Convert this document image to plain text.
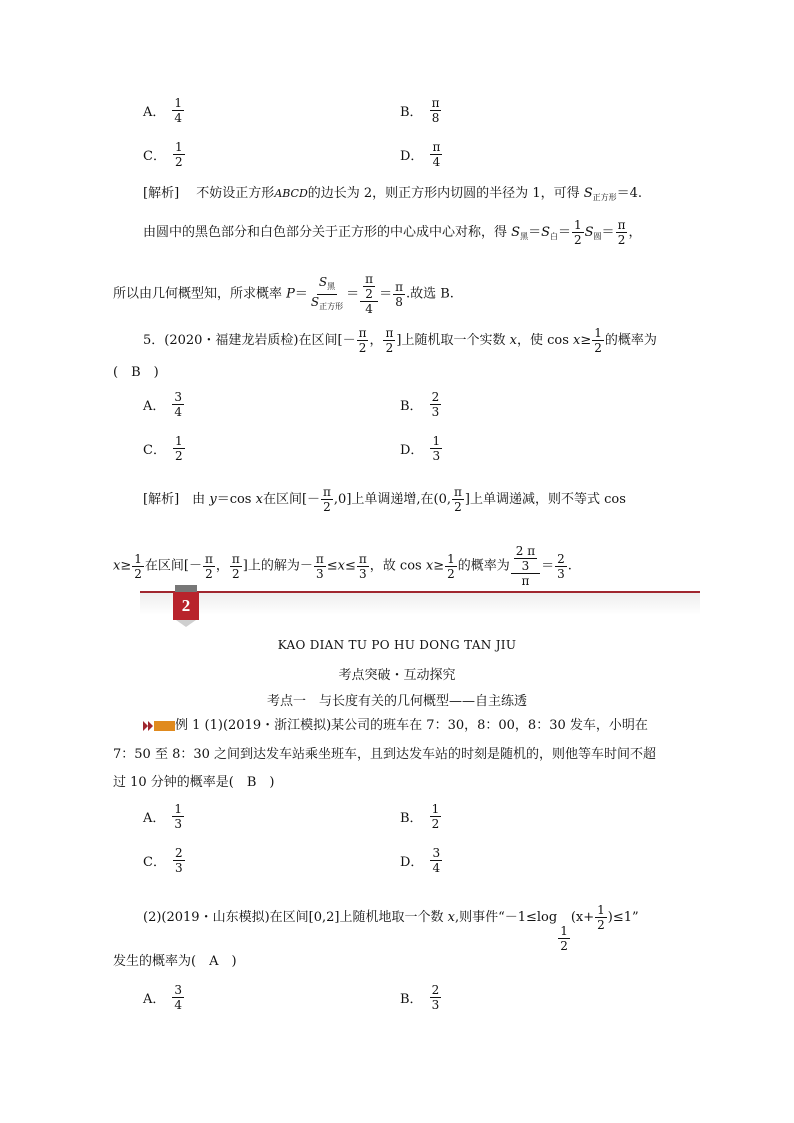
A． $\frac{1}{4}$	B． $\frac{\pi}{8}$
C． $\frac{1}{2}$	D． $\frac{\pi}{4}$
[解析]　 不妨设正方形ABCD的边长为 2，则正方形内切圆的半径为 1，可得 $S_{正方形}=4$.
由圆中的黑色部分和白色部分关于正方形的中心成中心对称，得 $S_黑=S_白= \frac{1}{2} S_圆= \frac{\pi}{2}$ ，
所以由几何概型知，所求概率 $P= \frac{S_黑}{S_{正方形}} = \frac{\frac{\pi}{2}}{4} = \frac{\pi}{8}$ .故选 B.
5．(2020・福建龙岩质检)在区间[－ $\frac{\pi}{2}$ ， $\frac{\pi}{2}$ ]上随机取一个实数 x，使 $\cos x\ge \frac{1}{2}$ 的概率为
(　B　)
A． $\frac{3}{4}$	B． $\frac{2}{3}$
C． $\frac{1}{2}$	D． $\frac{1}{3}$
[解析]　 由 y＝cos x在区间[－ $\frac{\pi}{2} ,0$]上单调递增,在(0, $\frac{\pi}{2}$ ]上单调递减，则不等式 cos
$x\ge \frac{1}{2}$ 在区间[－ $\frac{\pi}{2}$ ， $\frac{\pi}{2}$ ]上的解为－ $\frac{\pi}{3} \le x\le \frac{\pi}{3}$ ，故 $\cos x\ge \frac{1}{2}$ 的概率为 $\frac{\frac{2 \pi}{3}}{\pi} = \frac{2}{3}$ .
2
KAO DIAN TU PO HU DONG TAN JIU
考点突破・互动探究
考点一　与长度有关的几何概型——自主练透
例 1 (1)(2019・浙江模拟)某公司的班车在 7：30，8：00，8：30 发车，小明在
7：50 至 8：30 之间到达发车站乘坐班车，且到达发车站的时刻是随机的，则他等车时间不超
过 10 分钟的概率是(　B　)
A． $\frac{1}{3}$	B． $\frac{1}{2}$
C． $\frac{2}{3}$	D． $\frac{3}{4}$
(2)(2019・山东模拟)在区间[0,2]上随机地取一个数 x,则事件“－1≤log
$\frac{1}{2}$
$(x+ \frac{1}{2} )\le 1$”
发生的概率为(　A　)
A． $\frac{3}{4}$	B． $\frac{2}{3}$
